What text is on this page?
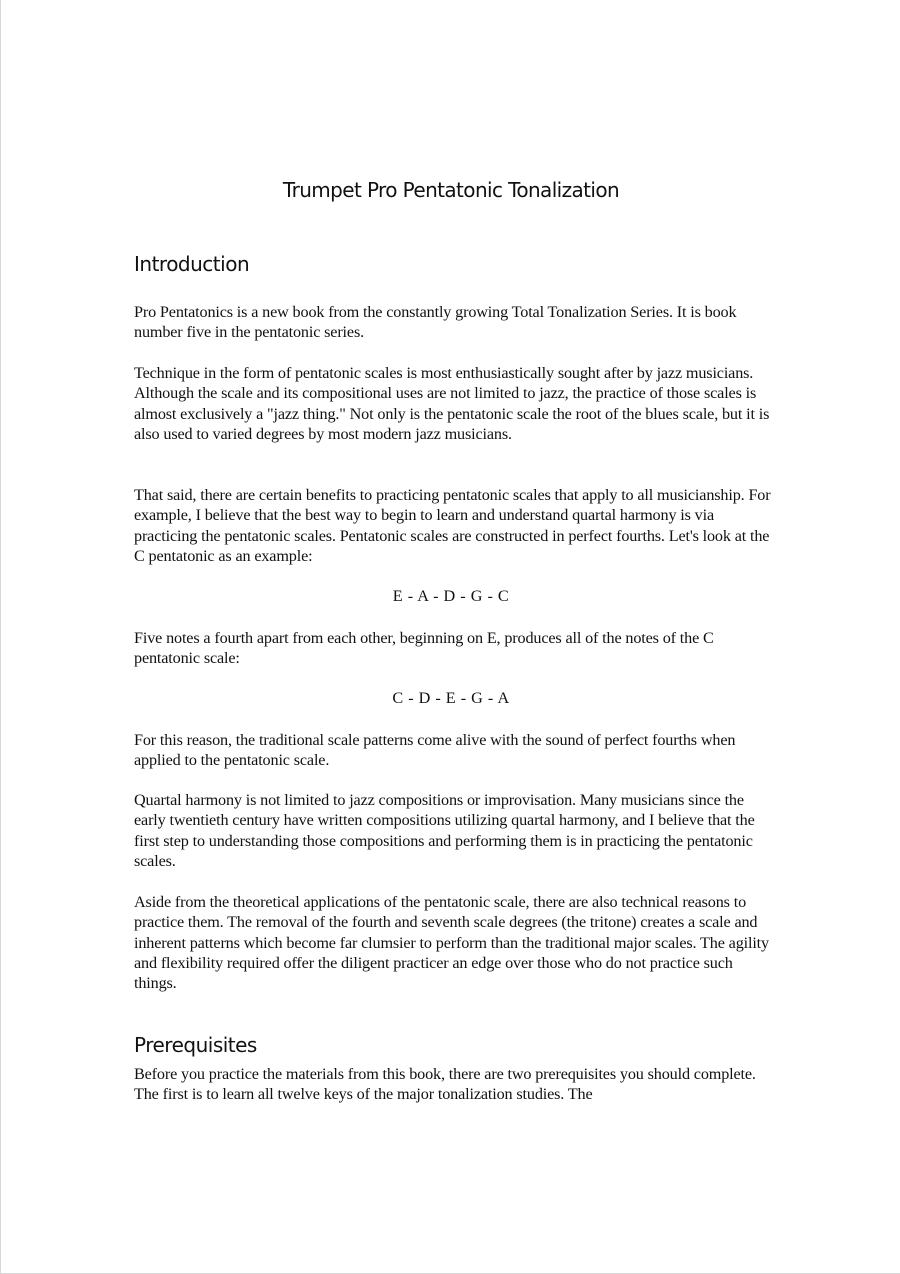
Trumpet Pro Pentatonic Tonalization
Introduction

Pro Pentatonics is a new book from the constantly growing Total Tonalization Series. It is book number five in the pentatonic series.

Technique in the form of pentatonic scales is most enthusiastically sought after by jazz musicians. Although the scale and its compositional uses are not limited to jazz, the practice of those scales is almost exclusively a "jazz thing." Not only is the pentatonic scale the root of the blues scale, but it is also used to varied degrees by most modern jazz musicians.

That said, there are certain benefits to practicing pentatonic scales that apply to all musicianship. For example, I believe that the best way to begin to learn and understand quartal harmony is via practicing the pentatonic scales. Pentatonic scales are constructed in perfect fourths. Let's look at the C pentatonic as an example:

E - A - D - G - C

Five notes a fourth apart from each other, beginning on E, produces all of the notes of the C pentatonic scale:

C - D - E - G - A

For this reason, the traditional scale patterns come alive with the sound of perfect fourths when applied to the pentatonic scale.

Quartal harmony is not limited to jazz compositions or improvisation. Many musicians since the early twentieth century have written compositions utilizing quartal harmony, and I believe that the first step to understanding those compositions and performing them is in practicing the pentatonic scales.

Aside from the theoretical applications of the pentatonic scale, there are also technical reasons to practice them. The removal of the fourth and seventh scale degrees (the tritone) creates a scale and inherent patterns which become far clumsier to perform than the traditional major scales. The agility and flexibility required offer the diligent practicer an edge over those who do not practice such things.

Prerequisites

Before you practice the materials from this book, there are two prerequisites you should complete. The first is to learn all twelve keys of the major tonalization studies. The
